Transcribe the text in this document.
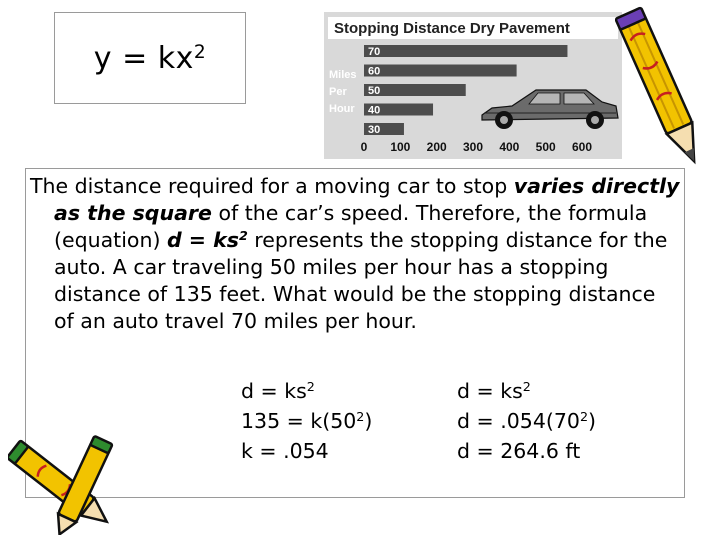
$y = kx^2$
Stopping Distance Dry Pavement
70
60
50
40
30
Miles
Per
Hour
0 100 200 300 400 500 600
The distance required for a moving car to stop varies directly as the square of the car’s speed. Therefore, the formula (equation) $d = ks^2$ represents the stopping distance for the auto. A car traveling 50 miles per hour has a stopping distance of 135 feet. What would be the stopping distance of an auto travel 70 miles per hour.
$d = ks^2$
$135 = k(50^2)$
k = .054
$d = ks^2$
$d = .054(70^2)$
d = 264.6 ft
